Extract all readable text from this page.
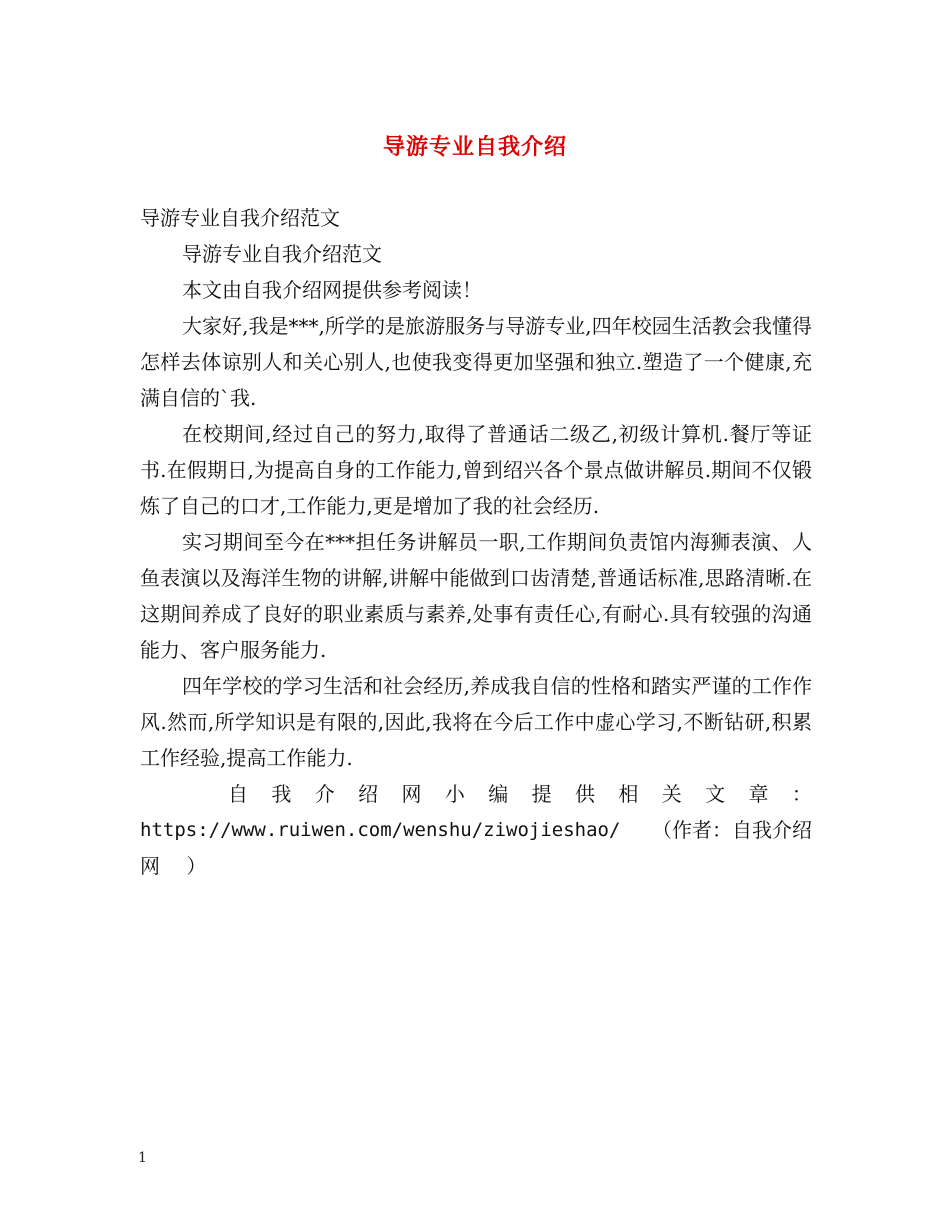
导游专业自我介绍
导游专业自我介绍范文
导游专业自我介绍范文
本文由自我介绍网提供参考阅读！

大家好,我是***,所学的是旅游服务与导游专业,四年校园生活教会我懂得怎样去体谅别人和关心别人,也使我变得更加坚强和独立.塑造了一个健康,充满自信的`我.

在校期间,经过自己的努力,取得了普通话二级乙,初级计算机.餐厅等证书.在假期日,为提高自身的工作能力,曾到绍兴各个景点做讲解员.期间不仅锻炼了自己的口才,工作能力,更是增加了我的社会经历.

实习期间至今在***担任务讲解员一职,工作期间负责馆内海狮表演、人鱼表演以及海洋生物的讲解,讲解中能做到口齿清楚,普通话标准,思路清晰.在这期间养成了良好的职业素质与素养,处事有责任心,有耐心.具有较强的沟通能力、客户服务能力.

四年学校的学习生活和社会经历,养成我自信的性格和踏实严谨的工作作风.然而,所学知识是有限的,因此,我将在今后工作中虚心学习,不断钻研,积累工作经验,提高工作能力.

自 我 介 绍 网 小 编 提 供 相 关 文 章 ：
https://www.ruiwen.com/wenshu/ziwojieshao/ （作者：自我介绍
网　 ）
1
